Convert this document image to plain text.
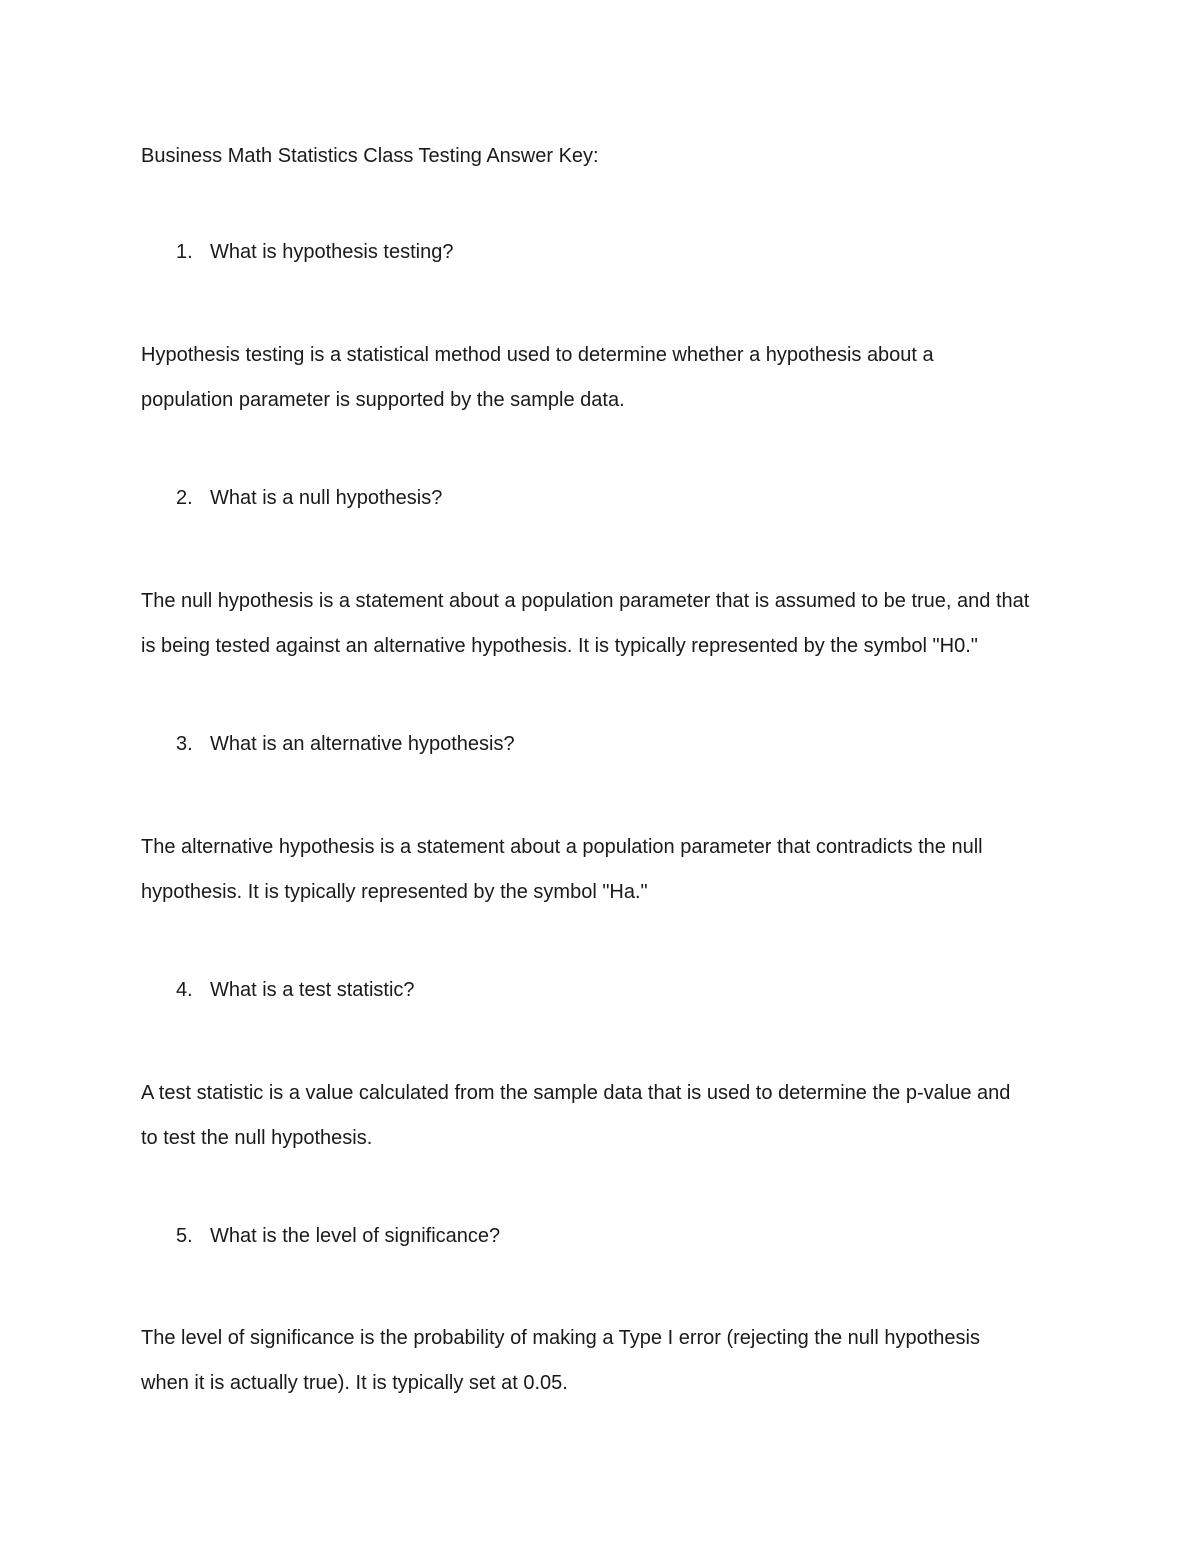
Business Math Statistics Class Testing Answer Key:
1. What is hypothesis testing?
Hypothesis testing is a statistical method used to determine whether a hypothesis about a
population parameter is supported by the sample data.
2. What is a null hypothesis?
The null hypothesis is a statement about a population parameter that is assumed to be true, and that
is being tested against an alternative hypothesis. It is typically represented by the symbol "H0."
3. What is an alternative hypothesis?
The alternative hypothesis is a statement about a population parameter that contradicts the null
hypothesis. It is typically represented by the symbol "Ha."
4. What is a test statistic?
A test statistic is a value calculated from the sample data that is used to determine the p-value and
to test the null hypothesis.
5. What is the level of significance?
The level of significance is the probability of making a Type I error (rejecting the null hypothesis
when it is actually true). It is typically set at 0.05.
